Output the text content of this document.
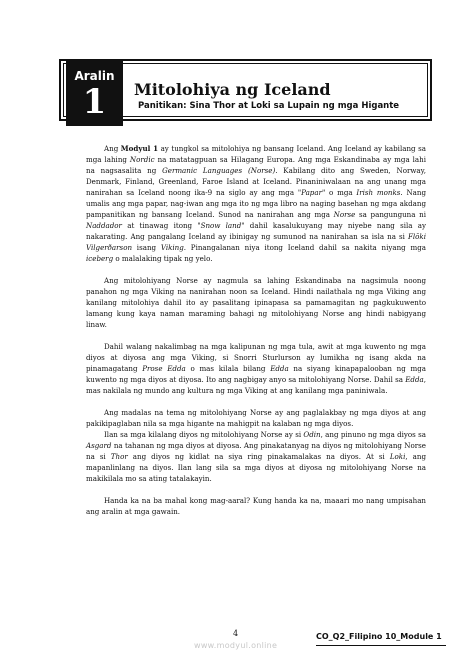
Aralin
1	Mitolohiya ng Iceland
Panitikan: Sina Thor at Loki sa Lupain ng mga Higante

Ang Modyul 1 ay tungkol sa mitolohiya ng bansang Iceland. Ang Iceland ay kabilang sa mga lahing Nordic na matatagpuan sa Hilagang Europa. Ang mga Eskandinaba ay mga lahi na nagsasalita ng Germanic Languages (Norse). Kabilang dito ang Sweden, Norway, Denmark, Finland, Greenland, Faroe Island at Iceland. Pinaniniwalaan na ang unang mga nanirahan sa Iceland noong ika-9 na siglo ay ang mga "Papar" o mga Irish monks. Nang umalis ang mga papar, nag-iwan ang mga ito ng mga libro na naging basehan ng mga akdang pampanitikan ng bansang Iceland. Sunod na nanirahan ang mga Norse sa pangunguna ni Naddador at tinawag itong "Snow land" dahil kasalukuyang may niyebe nang sila ay nakarating. Ang pangalang Iceland ay ibinigay ng sumunod na nanirahan sa isla na si Flōki Vilgerðarson isang Viking. Pinangalanan niya itong Iceland dahil sa nakita niyang mga iceberg o malalaking tipak ng yelo.

Ang mitolohiyang Norse ay nagmula sa lahing Eskandinaba na nagsimula noong panahon ng mga Viking na nanirahan noon sa Iceland. Hindi nailathala ng mga Viking ang kanilang mitolohiya dahil ito ay pasalitang ipinapasa sa pamamagitan ng pagkukuwento lamang kung kaya naman maraming bahagi ng mitolohiyang Norse ang hindi nabigyang linaw.

Dahil walang nakalimbag na mga kalipunan ng mga tula, awit at mga kuwento ng mga diyos at diyosa ang mga Viking, si Snorri Sturlurson ay lumikha ng isang akda na pinamagatang Prose Edda o mas kilala bilang Edda na siyang kinapapalooban ng mga kuwento ng mga diyos at diyosa. Ito ang nagbigay anyo sa mitolohiyang Norse. Dahil sa Edda, mas nakilala ng mundo ang kultura ng mga Viking at ang kanilang mga paniniwala.

Ang madalas na tema ng mitolohiyang Norse ay ang paglalakbay ng mga diyos at ang pakikipaglaban nila sa mga higante na mahigpit na kalaban ng mga diyos.

Ilan sa mga kilalang diyos ng mitolohiyang Norse ay si Odin, ang pinuno ng mga diyos sa Asgard na tahanan ng mga diyos at diyosa. Ang pinakatanyag na diyos ng mitolohiyang Norse na si Thor ang diyos ng kidlat na siya ring pinakamalakas na diyos. At si Loki, ang mapanlinlang na diyos. Ilan lang sila sa mga diyos at diyosa ng mitolohiyang Norse na makikilala mo sa ating tatalakayin.

Handa ka na ba mahal kong mag-aaral? Kung handa ka na, maaari mo nang umpisahan ang aralin at mga gawain.

4
www.modyul.online
CO_Q2_Filipino 10_Module 1
